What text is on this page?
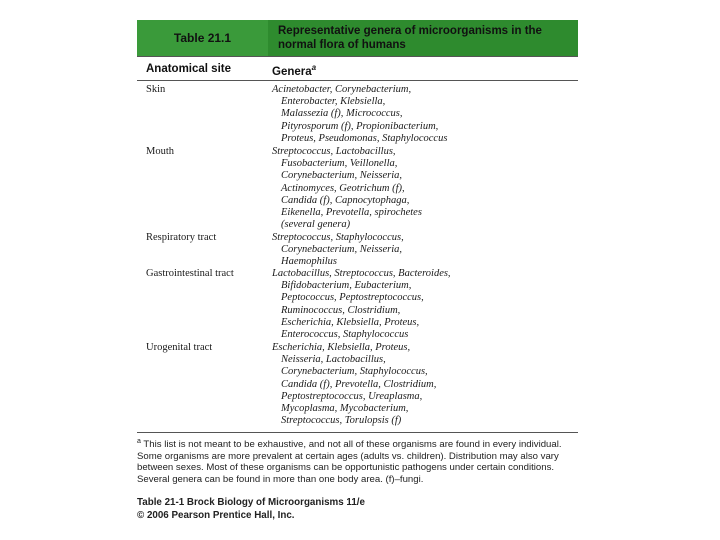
Table 21.1	Representative genera of microorganisms in the normal flora of humans
Anatomical site	Genera$^a$
Skin	Acinetobacter, Corynebacterium,
Enterobacter, Klebsiella,
Malassezia (f), Micrococcus,
Pityrosporum (f), Propionibacterium,
Proteus, Pseudomonas, Staphylococcus
Mouth	Streptococcus, Lactobacillus,
Fusobacterium, Veillonella,
Corynebacterium, Neisseria,
Actinomyces, Geotrichum (f),
Candida (f), Capnocytophaga,
Eikenella, Prevotella, spirochetes
(several genera)
Respiratory tract	Streptococcus, Staphylococcus,
Corynebacterium, Neisseria,
Haemophilus
Gastrointestinal tract	Lactobacillus, Streptococcus, Bacteroides,
Bifidobacterium, Eubacterium,
Peptococcus, Peptostreptococcus,
Ruminococcus, Clostridium,
Escherichia, Klebsiella, Proteus,
Enterococcus, Staphylococcus
Urogenital tract	Escherichia, Klebsiella, Proteus,
Neisseria, Lactobacillus,
Corynebacterium, Staphylococcus,
Candida (f), Prevotella, Clostridium,
Peptostreptococcus, Ureaplasma,
Mycoplasma, Mycobacterium,
Streptococcus, Torulopsis (f)
$^a$ This list is not meant to be exhaustive, and not all of these organisms are found in every individual. Some organisms are more prevalent at certain ages (adults vs. children). Distribution may also vary between sexes. Most of these organisms can be opportunistic pathogens under certain conditions. Several genera can be found in more than one body area. (f)–fungi.
Table 21-1 Brock Biology of Microorganisms 11/e
© 2006 Pearson Prentice Hall, Inc.
